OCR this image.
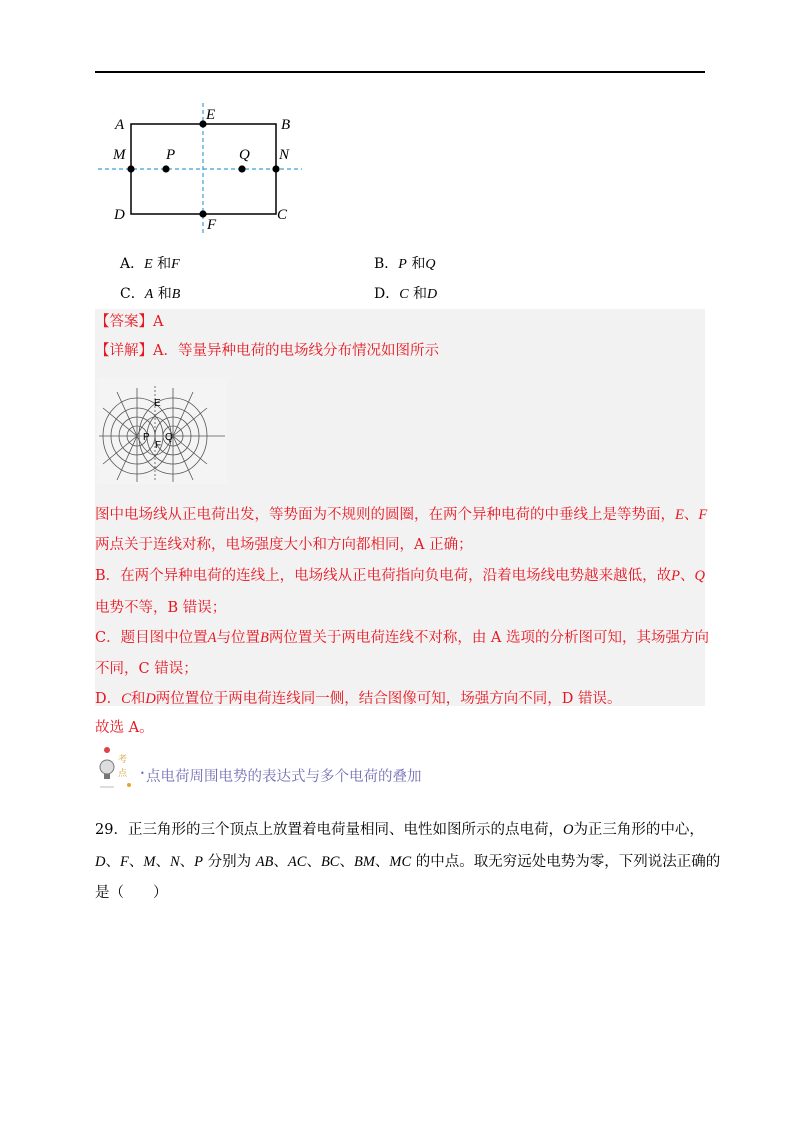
A	B
C
D
E
F
M	N
P	Q
A．E 和F	B．P 和Q
C．A 和B	D．C 和D
【答案】A
【详解】A．等量异种电荷的电场线分布情况如图所示
E
P
F
Q
图中电场线从正电荷出发，等势面为不规则的圆圈，在两个异种电荷的中垂线上是等势面，E、F
两点关于连线对称，电场强度大小和方向都相同，A 正确；
B．在两个异种电荷的连线上，电场线从正电荷指向负电荷，沿着电场线电势越来越低，故P、Q
电势不等，B 错误；
C．题目图中位置A与位置B两位置关于两电荷连线不对称，由 A 选项的分析图可知，其场强方向
不同，C 错误；
D．C和D两位置位于两电荷连线同一侧，结合图像可知，场强方向不同，D 错误。
故选 A。
考
点 • 点电荷周围电势的表达式与多个电荷的叠加
29．正三角形的三个顶点上放置着电荷量相同、电性如图所示的点电荷，O为正三角形的中心，
D、F、M、N、P 分别为 AB、AC、BC、BM、MC 的中点。取无穷远处电势为零，下列说法正确的
是（　　）
